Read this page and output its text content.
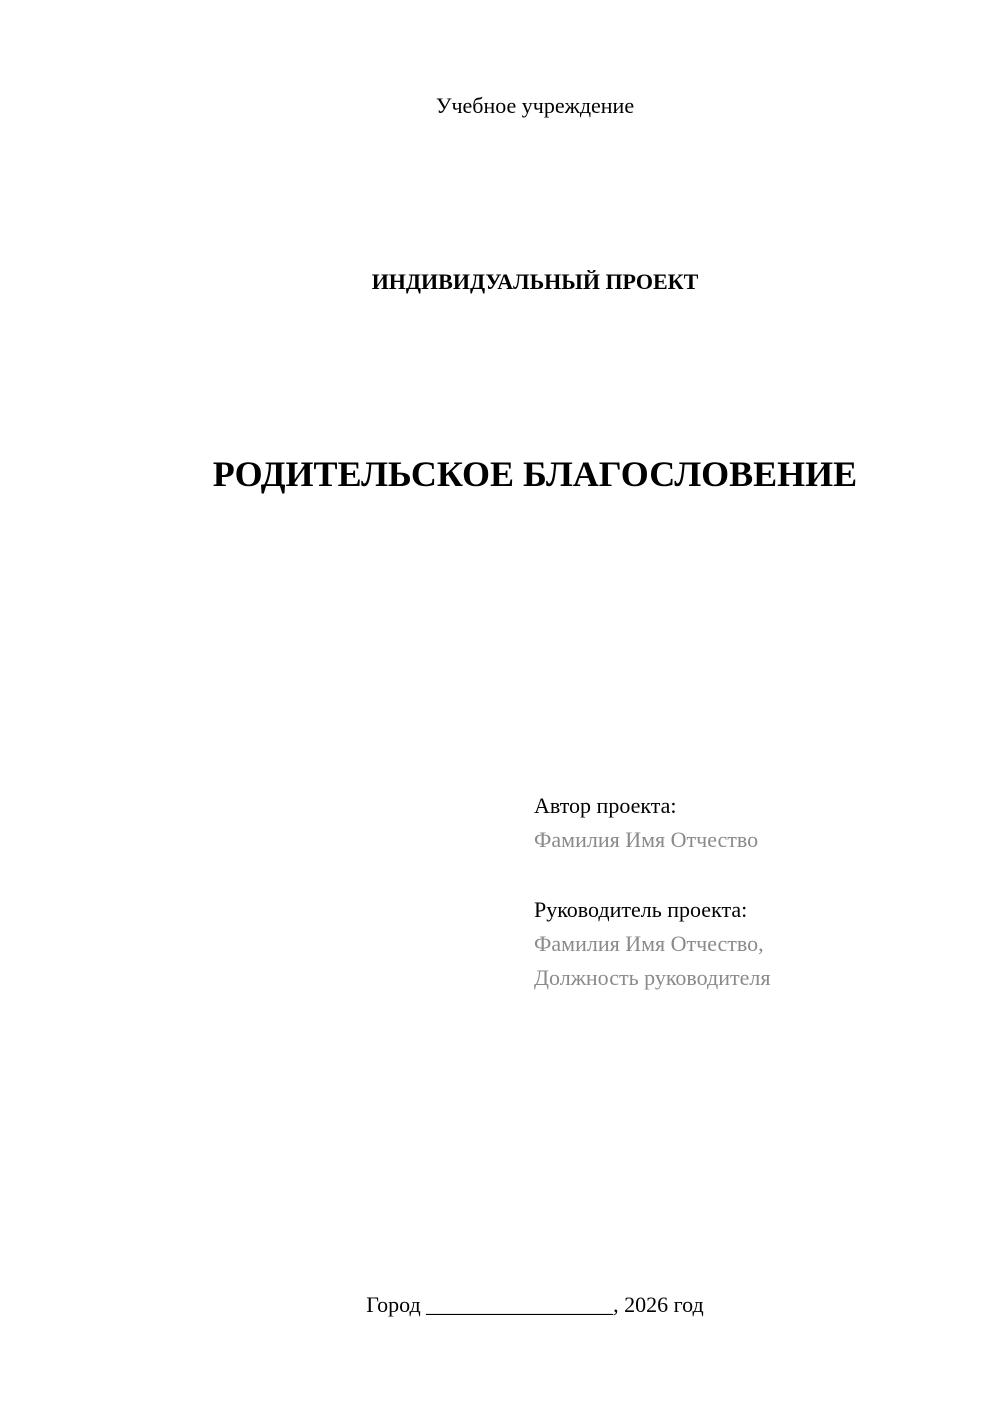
Учебное учреждение
ИНДИВИДУАЛЬНЫЙ ПРОЕКТ
РОДИТЕЛЬСКОЕ БЛАГОСЛОВЕНИЕ
Автор проекта:
Фамилия Имя Отчество
Руководитель проекта:
Фамилия Имя Отчество,
Должность руководителя
Город _________________, 2026 год
